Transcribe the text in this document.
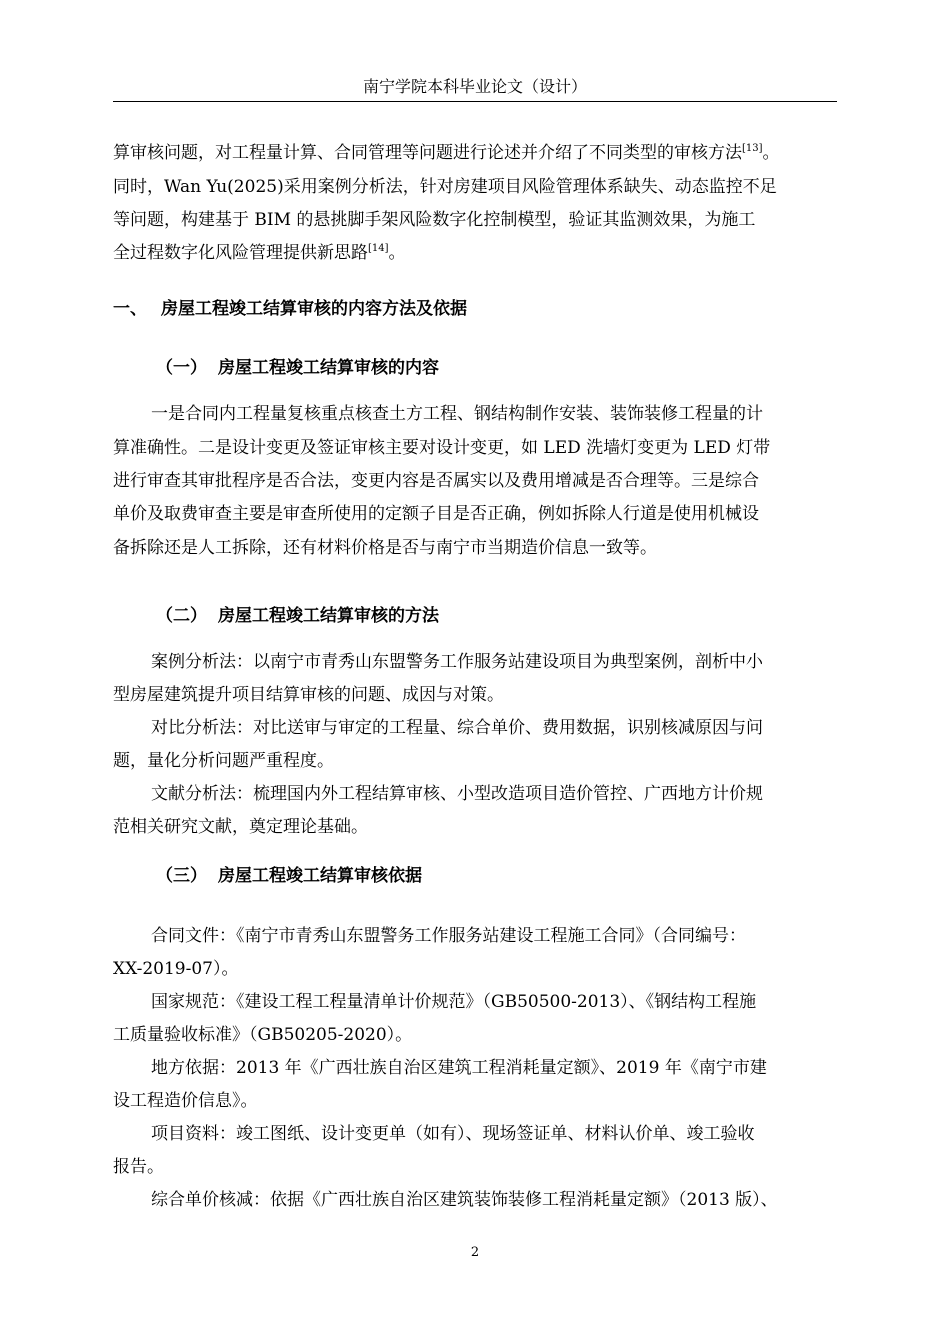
南宁学院本科毕业论文（设计）
算审核问题，对工程量计算、合同管理等问题进行论述并介绍了不同类型的审核方法[13]。
同时，Wan Yu(2025)采用案例分析法，针对房建项目风险管理体系缺失、动态监控不足
等问题，构建基于 BIM 的悬挑脚手架风险数字化控制模型，验证其监测效果，为施工
全过程数字化风险管理提供新思路[14]。
一、 房屋工程竣工结算审核的内容方法及依据
（一） 房屋工程竣工结算审核的内容
一是合同内工程量复核重点核查土方工程、钢结构制作安装、装饰装修工程量的计
算准确性。二是设计变更及签证审核主要对设计变更，如 LED 洗墙灯变更为 LED 灯带
进行审查其审批程序是否合法，变更内容是否属实以及费用增减是否合理等。三是综合
单价及取费审查主要是审查所使用的定额子目是否正确，例如拆除人行道是使用机械设
备拆除还是人工拆除，还有材料价格是否与南宁市当期造价信息一致等。
（二） 房屋工程竣工结算审核的方法
案例分析法：以南宁市青秀山东盟警务工作服务站建设项目为典型案例，剖析中小
型房屋建筑提升项目结算审核的问题、成因与对策。
对比分析法：对比送审与审定的工程量、综合单价、费用数据，识别核减原因与问
题，量化分析问题严重程度。
文献分析法：梳理国内外工程结算审核、小型改造项目造价管控、广西地方计价规
范相关研究文献，奠定理论基础。
（三） 房屋工程竣工结算审核依据
合同文件：《南宁市青秀山东盟警务工作服务站建设工程施工合同》（合同编号：
XX-2019-07）。
国家规范：《建设工程工程量清单计价规范》（GB50500-2013）、《钢结构工程施
工质量验收标准》（GB50205-2020）。
地方依据：2013 年《广西壮族自治区建筑工程消耗量定额》、2019 年《南宁市建
设工程造价信息》。
项目资料：竣工图纸、设计变更单（如有）、现场签证单、材料认价单、竣工验收
报告。
综合单价核减：依据《广西壮族自治区建筑装饰装修工程消耗量定额》（2013 版）、
2
